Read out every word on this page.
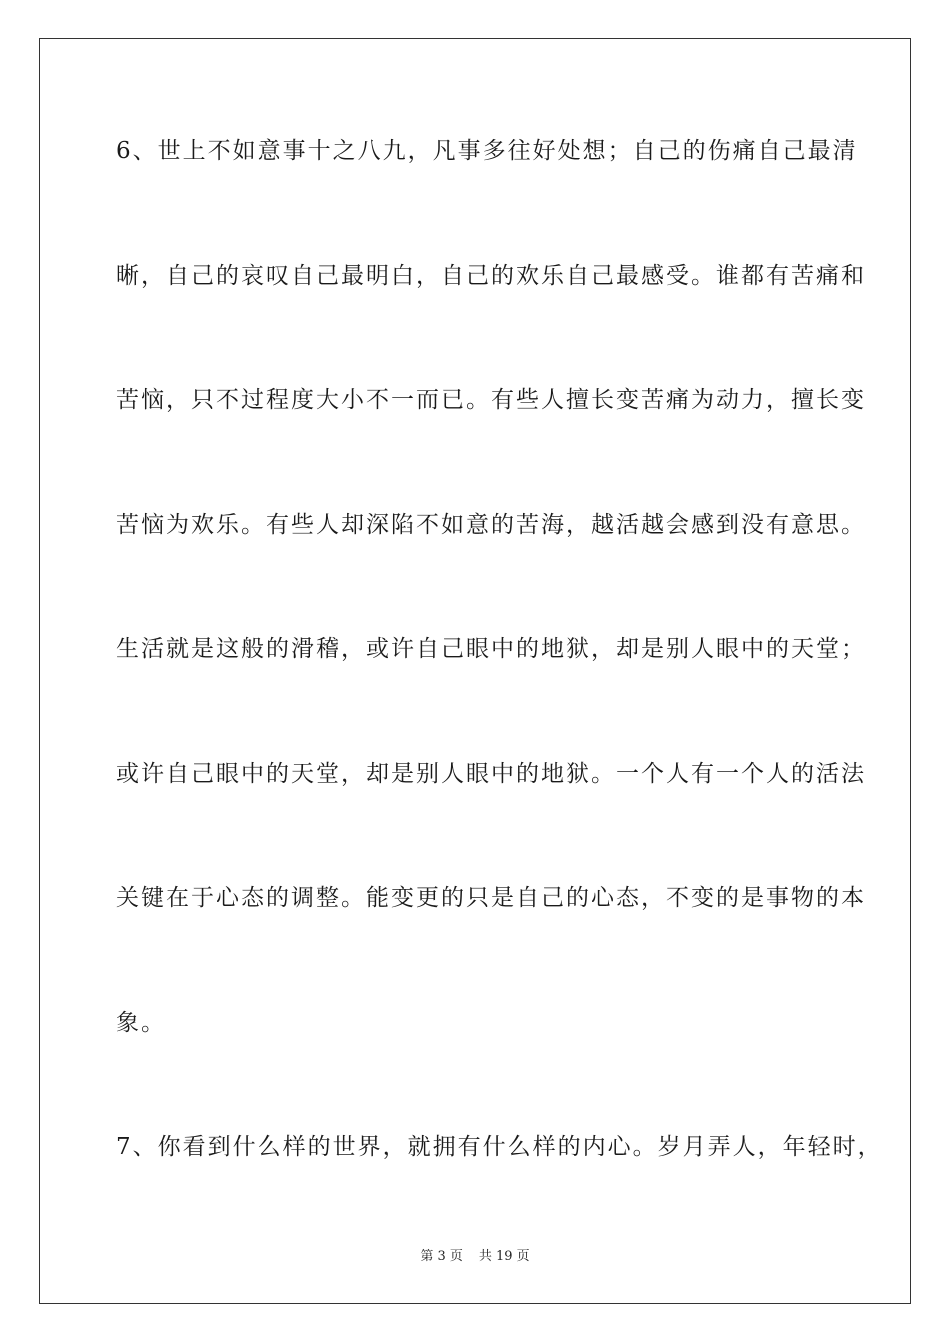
6、世上不如意事十之八九，凡事多往好处想；自己的伤痛自己最清
晰，自己的哀叹自己最明白，自己的欢乐自己最感受。谁都有苦痛和
苦恼，只不过程度大小不一而已。有些人擅长变苦痛为动力，擅长变
苦恼为欢乐。有些人却深陷不如意的苦海，越活越会感到没有意思。
生活就是这般的滑稽，或许自己眼中的地狱，却是别人眼中的天堂；
或许自己眼中的天堂，却是别人眼中的地狱。一个人有一个人的活法
关键在于心态的调整。能变更的只是自己的心态，不变的是事物的本
象。
7、你看到什么样的世界，就拥有什么样的内心。岁月弄人，年轻时，
第 3 页 共 19 页
